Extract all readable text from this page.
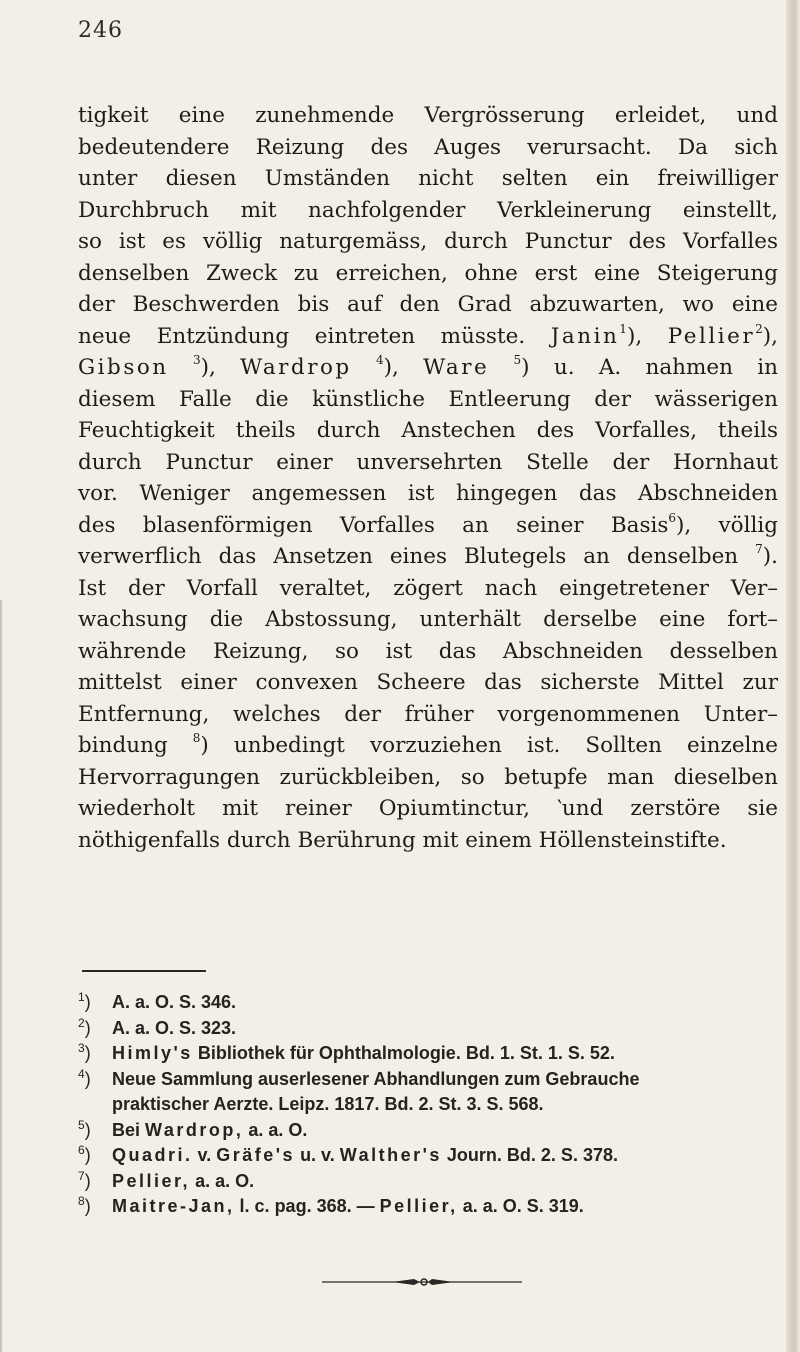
246
tigkeit eine zunehmende Vergrösserung erleidet, und
bedeutendere Reizung des Auges verursacht. Da sich
unter diesen Umständen nicht selten ein freiwilliger
Durchbruch mit nachfolgender Verkleinerung einstellt,
so ist es völlig naturgemäss, durch Punctur des Vorfalles
denselben Zweck zu erreichen, ohne erst eine Steigerung
der Beschwerden bis auf den Grad abzuwarten, wo eine
neue Entzündung eintreten müsste. Janin$^1$), Pellier$^2$),
Gibson $^3$), Wardrop $^4$), Ware $^5$) u. A. nahmen in
diesem Falle die künstliche Entleerung der wässerigen
Feuchtigkeit theils durch Anstechen des Vorfalles, theils
durch Punctur einer unversehrten Stelle der Hornhaut
vor. Weniger angemessen ist hingegen das Abschneiden
des blasenförmigen Vorfalles an seiner Basis$^6$), völlig
verwerflich das Ansetzen eines Blutegels an denselben $^7$).
Ist der Vorfall veraltet, zögert nach eingetretener Ver–
wachsung die Abstossung, unterhält derselbe eine fort–
währende Reizung, so ist das Abschneiden desselben
mittelst einer convexen Scheere das sicherste Mittel zur
Entfernung, welches der früher vorgenommenen Unter–
bindung $^8$) unbedingt vorzuziehen ist. Sollten einzelne
Hervorragungen zurückbleiben, so betupfe man dieselben
wiederholt mit reiner Opiumtinctur, ‵und zerstöre sie
nöthigenfalls durch Berührung mit einem Höllensteinstifte.
$^1$)	A. a. O. S. 346.
$^2$)	A. a. O. S. 323.
$^3$)	Himly's Bibliothek für Ophthalmologie. Bd. 1. St. 1. S. 52.
$^4$)	Neue Sammlung auserlesener Abhandlungen zum Gebrauche
praktischer Aerzte. Leipz. 1817. Bd. 2. St. 3. S. 568.
$^5$)	Bei Wardrop, a. a. O.
$^6$)	Quadri. v. Gräfe's u. v. Walther's Journ. Bd. 2. S. 378.
$^7$)	Pellier, a. a. O.
$^8$)	Maitre-Jan, l. c. pag. 368. — Pellier, a. a. O. S. 319.
